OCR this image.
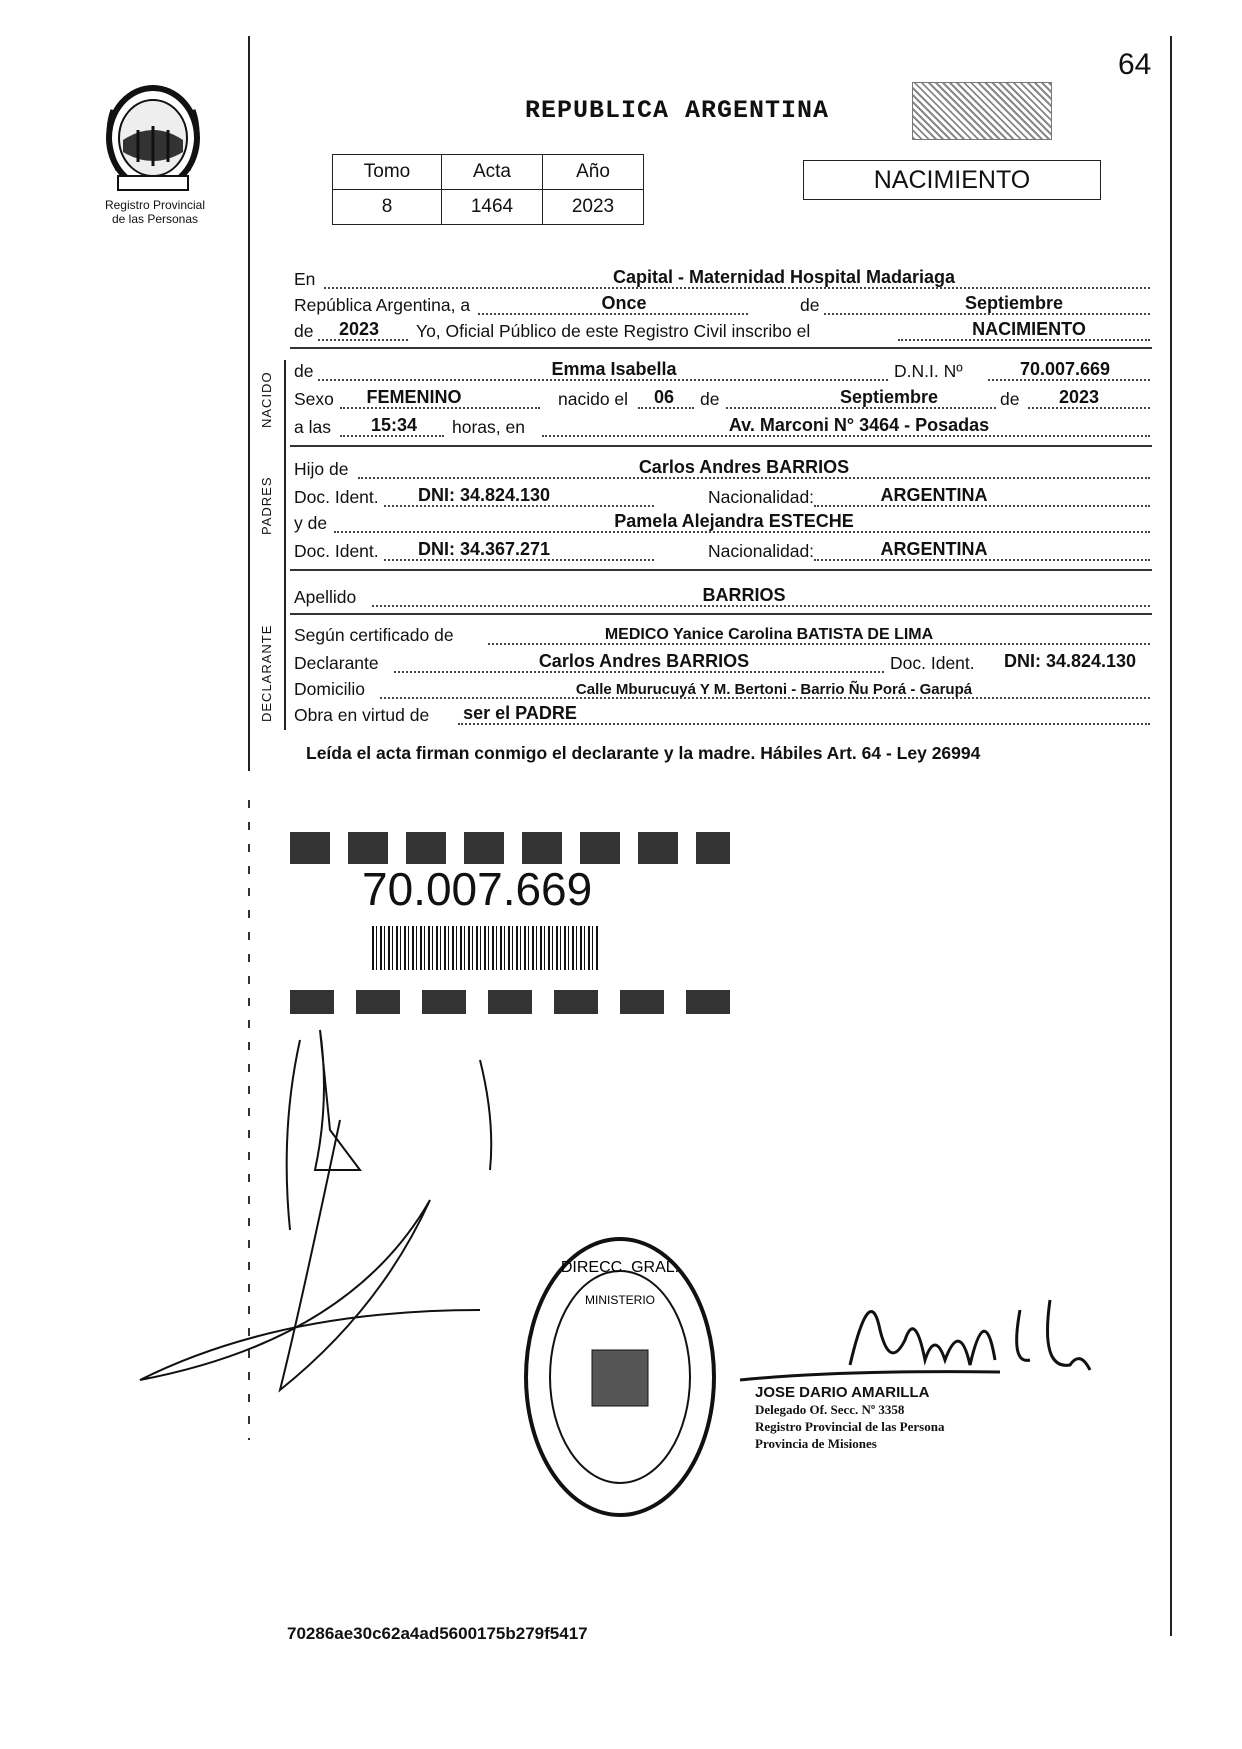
64
Registro Provincial
de las Personas
REPUBLICA ARGENTINA
Tomo	Acta	Año
8	1464	2023
NACIMIENTO
NACIDO
PADRES
DECLARANTE
En	Capital - Maternidad Hospital Madariaga
República Argentina, a	Once	de	Septiembre
de	2023	Yo, Oficial Público de este Registro Civil inscribo el	NACIMIENTO
de	Emma Isabella	D.N.I. Nº	70.007.669
Sexo	FEMENINO	nacido el	06	de	Septiembre	de	2023
a las	15:34	horas, en	Av. Marconi N° 3464 - Posadas
Hijo de	Carlos Andres BARRIOS
Doc. Ident.	DNI: 34.824.130	Nacionalidad:	ARGENTINA
y de	Pamela Alejandra ESTECHE
Doc. Ident.	DNI: 34.367.271	Nacionalidad:	ARGENTINA
Apellido	BARRIOS
Según certificado de	MEDICO Yanice Carolina BATISTA DE LIMA
Declarante	Carlos Andres BARRIOS	Doc. Ident.	DNI: 34.824.130
Domicilio	Calle Mburucuyá Y M. Bertoni - Barrio Ñu Porá - Garupá
Obra en virtud de ser el PADRE
Leída el acta firman conmigo el declarante y la madre. Hábiles Art. 64 - Ley 26994
70.007.669
DIRECC. GRAL.
MINISTERIO
JOSE DARIO AMARILLA
Delegado Of. Secc. Nº 3358
Registro Provincial de las Persona
Provincia de Misiones
70286ae30c62a4ad5600175b279f5417
